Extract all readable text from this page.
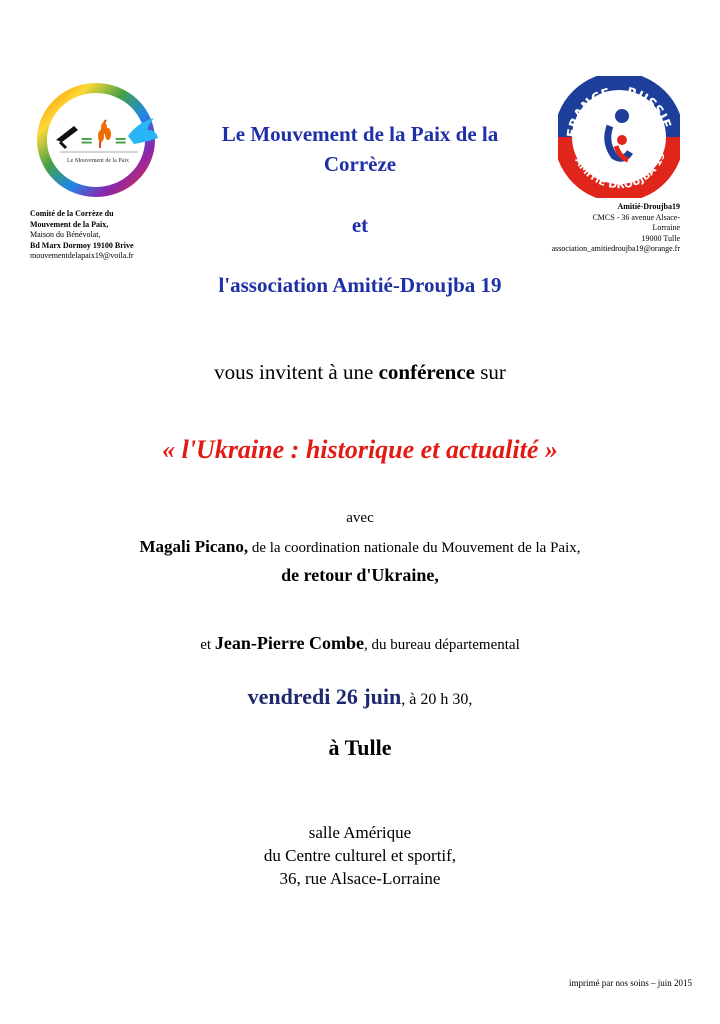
= =
Le Mouvement de la Paix
Comité de la Corrèze du
Mouvement de la Paix,
Maison du Bénévolat,
Bd Marx Dormoy 19100 Brive
mouvementdelapaix19@voila.fr
FRANCE RUSSIE
AMITIÉ DROUJBA 19
Amitié-Droujba19
CMCS - 36 avenue Alsace-
Lorraine
19000 Tulle
association_amitiedroujba19@orange.fr
Le Mouvement de la Paix de la
Corrèze
et
l'association Amitié-Droujba 19
vous invitent à une conférence sur
« l'Ukraine : historique et actualité »
avec
Magali Picano, de la coordination nationale du Mouvement de la Paix,
de retour d'Ukraine,
et Jean-Pierre Combe, du bureau départemental
vendredi 26 juin, à 20 h 30,
à Tulle
salle Amérique
du Centre culturel et sportif,
36, rue Alsace-Lorraine
imprimé par nos soins – juin 2015
